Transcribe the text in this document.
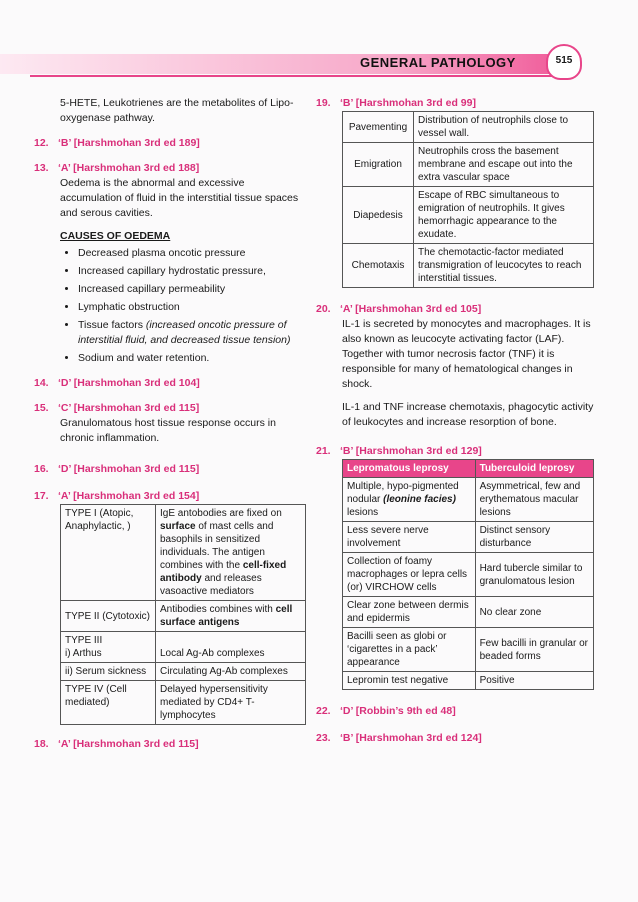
GENERAL PATHOLOGY	515

5-HETE, Leukotrienes are the metabolites of Lipo-oxygenase pathway.

12. ‘B’ [Harshmohan 3rd ed 189]

13. ‘A’ [Harshmohan 3rd ed 188]

Oedema is the abnormal and excessive accumulation of fluid in the interstitial tissue spaces and serous cavities.

CAUSES OF OEDEMA

• Decreased plasma oncotic pressure
• Increased capillary hydrostatic pressure,
• Increased capillary permeability
• Lymphatic obstruction
• Tissue factors (increased oncotic pressure of interstitial fluid, and decreased tissue tension)
• Sodium and water retention.

14. ‘D’ [Harshmohan 3rd ed 104]

15. ‘C’ [Harshmohan 3rd ed 115]

Granulomatous host tissue response occurs in chronic inflammation.

16. ‘D’ [Harshmohan 3rd ed 115]

17. ‘A’ [Harshmohan 3rd ed 154]

TYPE I (Atopic, Anaphylactic, )	IgE antobodies are fixed on surface of mast cells and basophils in sensitized individuals. The antigen combines with the cell-fixed antibody and releases vasoactive mediators
TYPE II (Cytotoxic)	Antibodies combines with cell surface antigens

TYPE III
i) Arthus	Local Ag-Ab complexes
ii) Serum sickness	Circulating Ag-Ab complexes
TYPE IV (Cell mediated)	Delayed hypersensitivity mediated by CD4+ T-lymphocytes

18. ‘A’ [Harshmohan 3rd ed 115]

19. ‘B’ [Harshmohan 3rd ed 99]

Pavementing	Distribution of neutrophils close to vessel wall.
Emigration	Neutrophils cross the basement membrane and escape out into the extra vascular space
Diapedesis	Escape of RBC simultaneous to emigration of neutrophils. It gives hemorrhagic appearance to the exudate.
Chemotaxis	The chemotactic-factor mediated transmigration of leucocytes to reach interstitial tissues.

20. ‘A’ [Harshmohan 3rd ed 105]

IL-1 is secreted by monocytes and macrophages. It is also known as leucocyte activating factor (LAF). Together with tumor necrosis factor (TNF) it is responsible for many of hematological changes in shock.

IL-1 and TNF increase chemotaxis, phagocytic activity of leukocytes and increase resorption of bone.

21. ‘B’ [Harshmohan 3rd ed 129]

Lepromatous leprosy	Tuberculoid leprosy
Multiple, hypo-pigmented nodular (leonine facies) lesions	Asymmetrical, few and erythematous macular lesions
Less severe nerve involvement	Distinct sensory disturbance
Collection of foamy macrophages or lepra cells (or) VIRCHOW cells	Hard tubercle similar to granulomatous lesion
Clear zone between dermis and epidermis	No clear zone
Bacilli seen as globi or ‘cigarettes in a pack’ appearance	Few bacilli in granular or beaded forms
Lepromin test negative	Positive

22. ‘D’ [Robbin’s 9th ed 48]

23. ‘B’ [Harshmohan 3rd ed 124]
